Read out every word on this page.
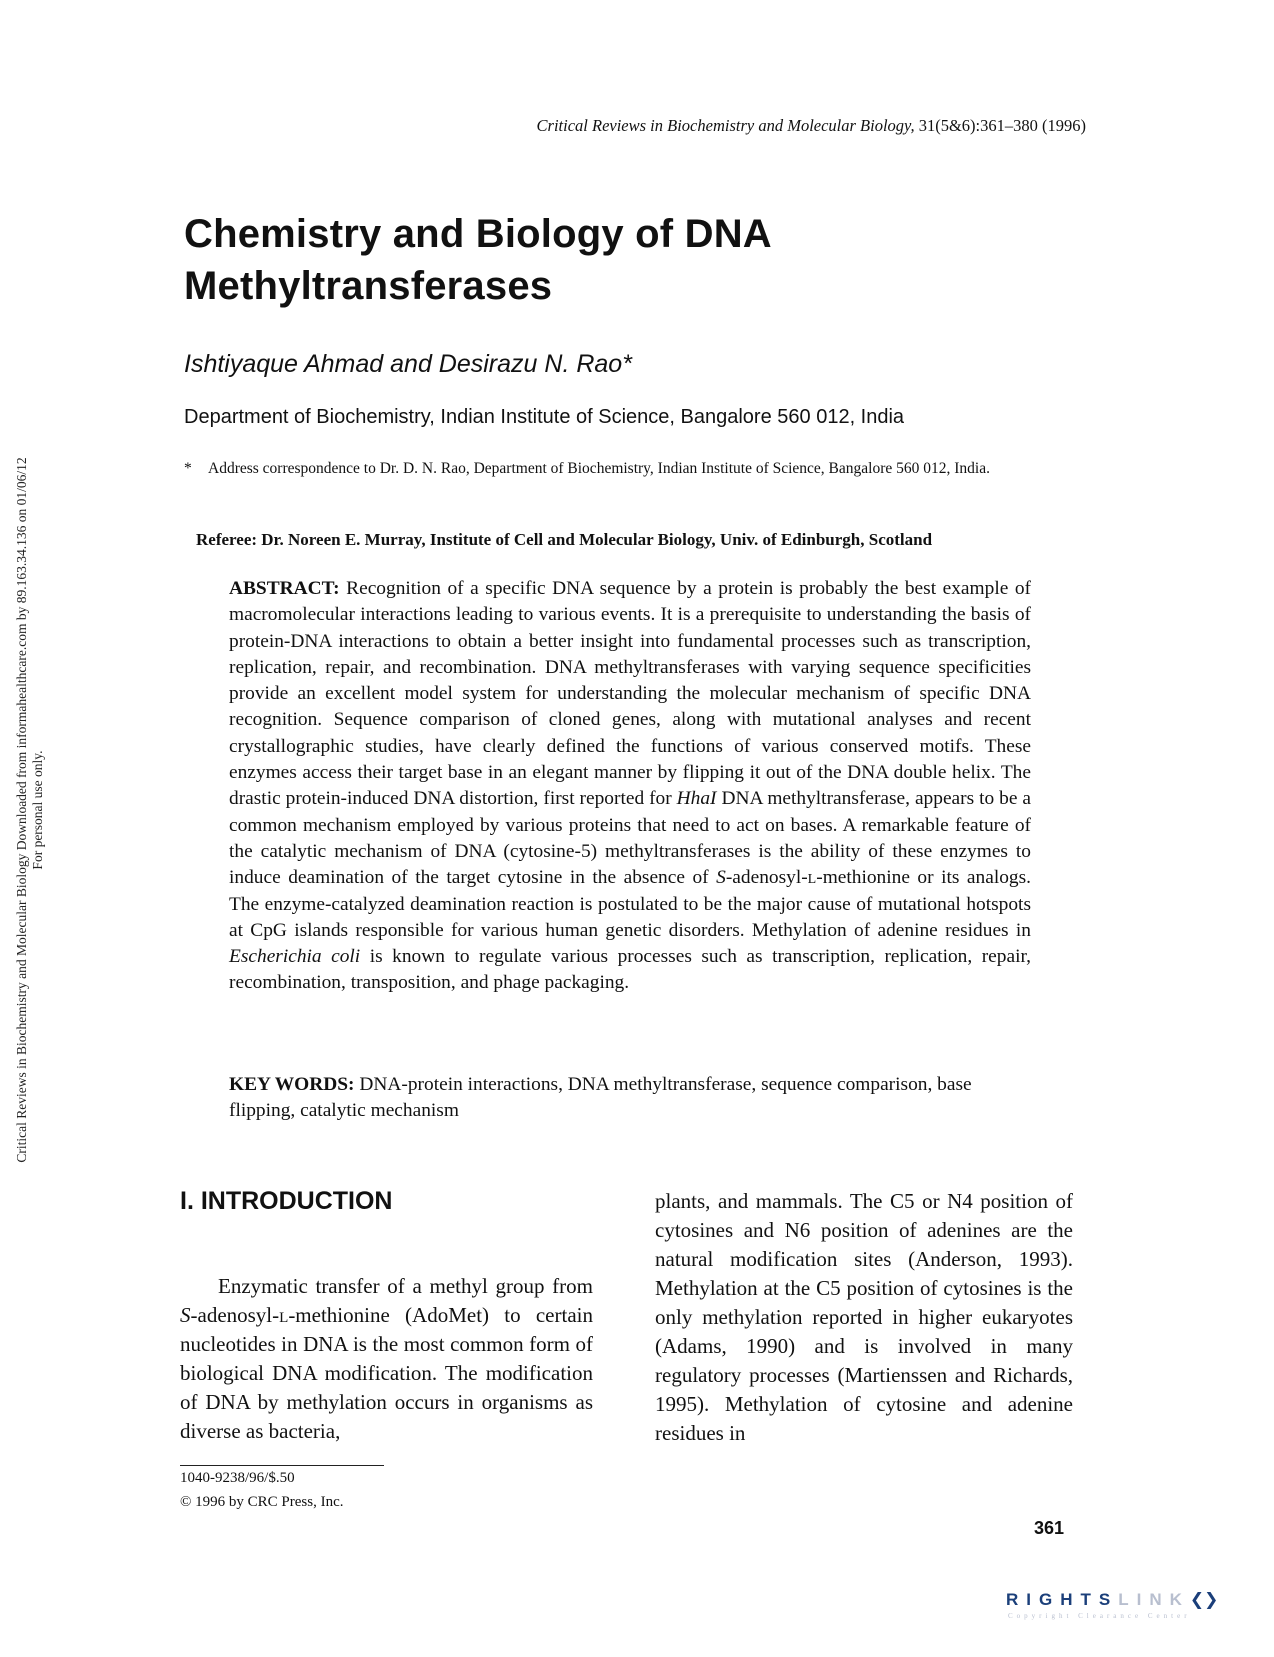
Critical Reviews in Biochemistry and Molecular Biology, 31(5&6):361–380 (1996)
Chemistry and Biology of DNA
Methyltransferases
Ishtiyaque Ahmad and Desirazu N. Rao*
Department of Biochemistry, Indian Institute of Science, Bangalore 560 012, India
*	Address correspondence to Dr. D. N. Rao, Department of Biochemistry, Indian Institute of Science, Bangalore 560 012, India.
Referee: Dr. Noreen E. Murray, Institute of Cell and Molecular Biology, Univ. of Edinburgh, Scotland
ABSTRACT: Recognition of a specific DNA sequence by a protein is probably the best example of macromolecular interactions leading to various events. It is a prerequisite to understanding the basis of protein-DNA interactions to obtain a better insight into fundamental processes such as transcription, replication, repair, and recombination. DNA methyltransferases with varying sequence specificities provide an excellent model system for understanding the molecular mechanism of specific DNA recognition. Sequence comparison of cloned genes, along with mutational analyses and recent crystallographic studies, have clearly defined the functions of various conserved motifs. These enzymes access their target base in an elegant manner by flipping it out of the DNA double helix. The drastic protein-induced DNA distortion, first reported for HhaI DNA methyltransferase, appears to be a common mechanism employed by various proteins that need to act on bases. A remarkable feature of the catalytic mechanism of DNA (cytosine-5) methyltransferases is the ability of these enzymes to induce deamination of the target cytosine in the absence of S-adenosyl-l-methionine or its analogs. The enzyme-catalyzed deamination reaction is postulated to be the major cause of mutational hotspots at CpG islands responsible for various human genetic disorders. Methylation of adenine residues in Escherichia coli is known to regulate various processes such as transcription, replication, repair, recombination, transposition, and phage packaging.
KEY WORDS: DNA-protein interactions, DNA methyltransferase, sequence comparison, base flipping, catalytic mechanism
I. INTRODUCTION

Enzymatic transfer of a methyl group from S-adenosyl-l-methionine (AdoMet) to certain nucleotides in DNA is the most common form of biological DNA modification. The modification of DNA by methylation occurs in organisms as diverse as bacteria,

plants, and mammals. The C5 or N4 position of cytosines and N6 position of adenines are the natural modification sites (Anderson, 1993). Methylation at the C5 position of cytosines is the only methylation reported in higher eukaryotes (Adams, 1990) and is involved in many regulatory processes (Martienssen and Richards, 1995). Methylation of cytosine and adenine residues in

1040-9238/96/$.50
© 1996 by CRC Press, Inc.
361
Critical Reviews in Biochemistry and Molecular Biology Downloaded from informahealthcare.com by 89.163.34.136 on 01/06/12 For personal use only.
RIGHTSLINK❮❯
Copyright Clearance Center
